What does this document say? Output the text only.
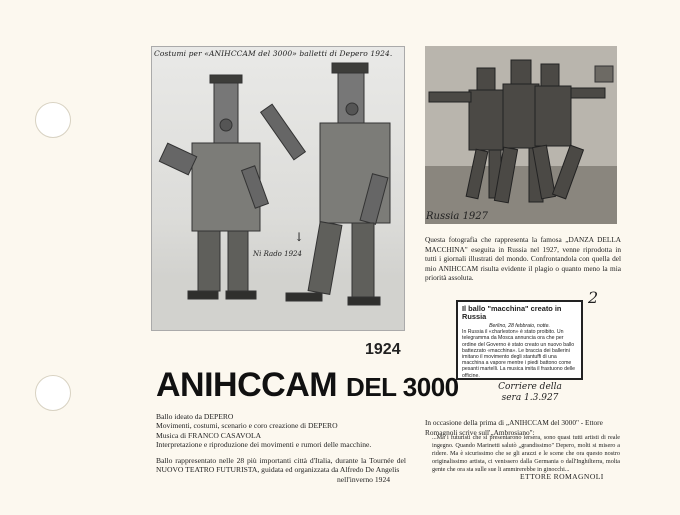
Costumi per «ANIHCCAM del 3000» balletti di Depero 1924.
↓
Ni Rado 1924
Russia 1927
Questa fotografia che rappresenta la famosa „DANZA DELLA MACCHINA" eseguita in Russia nel 1927, venne riprodotta in tutti i giornali illustrati del mondo. Confrontandola con quella del mio ANIHCCAM risulta evidente il plagio o quanto meno la mia priorità assoluta.
Il ballo "macchina" creato in Russia
Berlino, 28 febbraio, notte.
In Russia il «charleston» è stato proibito. Un telegramma da Mosca annuncia ora che per ordine del Governo è stato creato un nuovo ballo battezzato «macchina». Le braccia dei ballerini imitano il movimento degli stantuffi di una macchina a vapore mentre i piedi battono come pesanti martelli. La musica imita il frastuono delle officine.
2
Corriere della sera 1.3.927
In occasione della prima di „ANIHCCAM del 3000" - Ettore Romagnoli scrive sull'„Ambrosiano":
...Ma i futuristi che si presentarono iersera, sono quasi tutti artisti di reale ingegno. Quando Marinetti salutò „grandissimo" Depero, molti si misero a ridere. Ma è sicurissimo che se gli arazzi e le scene che ora questo nostro originalissimo artista, ci venissero dalla Germania o dall'Inghilterra, molta gente che ora sta sulle sue li ammirerebbe in ginocchi...
ETTORE ROMAGNOLI
1924
ANIHCCAM DEL 3000
Ballo ideato da DEPERO
Movimenti, costumi, scenario e coro creazione di DEPERO
Musica di FRANCO CASAVOLA
Interpretazione e riproduzione dei movimenti e rumori delle macchine.
Ballo rappresentato nelle 28 più importanti città d'Italia, durante la Tournée del NUOVO TEATRO FUTURISTA, guidata ed organizzata da Alfredo De Angelis
nell'inverno 1924
